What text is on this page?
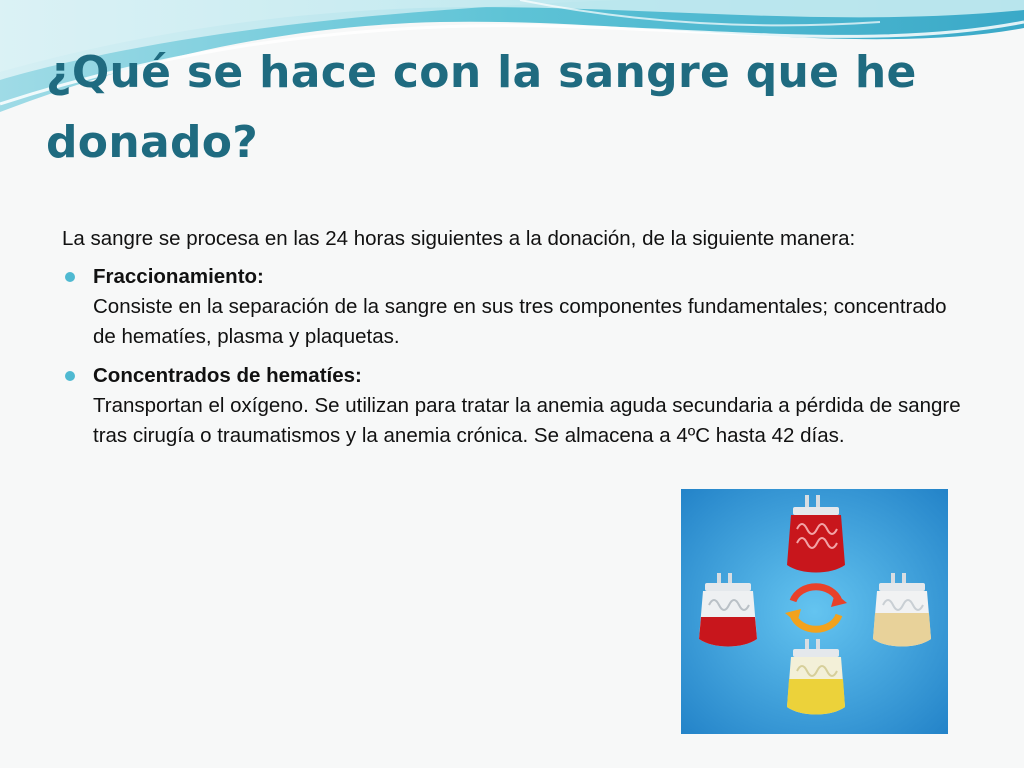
¿Qué se hace con la sangre que he donado?

La sangre se procesa en las 24 horas siguientes a la donación, de la siguiente manera:

Fraccionamiento:
Consiste en la separación de la sangre en sus tres componentes fundamentales; concentrado de hematíes, plasma y plaquetas.
Concentrados de hematíes:
Transportan el oxígeno. Se utilizan para tratar la anemia aguda secundaria a pérdida de sangre tras cirugía o traumatismos y la anemia crónica. Se almacena a 4ºC hasta 42 días.
